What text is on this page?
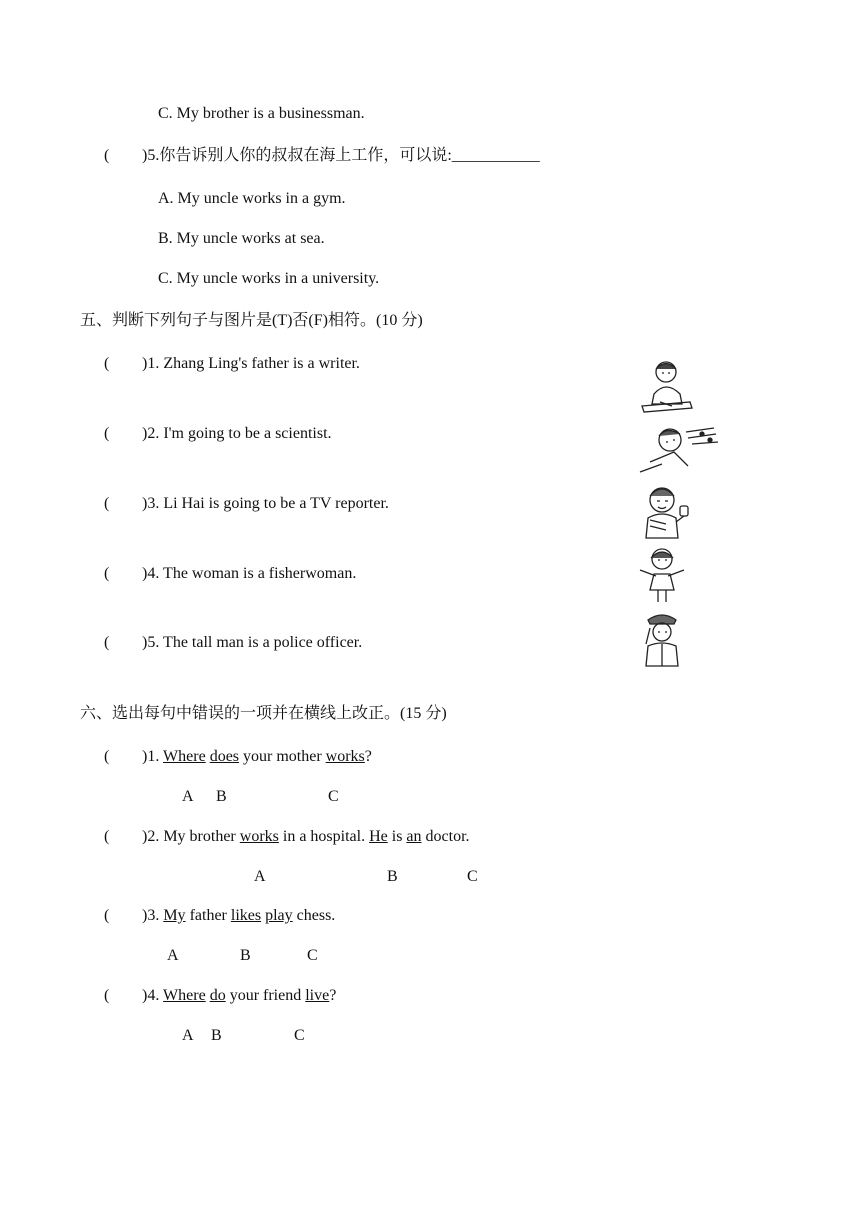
C. My brother is a businessman.
( )5.你告诉别人你的叔叔在海上工作，可以说:___________
A. My uncle works in a gym.
B. My uncle works at sea.
C. My uncle works in a university.
五、判断下列句子与图片是(T)否(F)相符。(10 分)
( )1. Zhang Ling's father is a writer.
( )2. I'm going to be a scientist.
( )3. Li Hai is going to be a TV reporter.
( )4. The woman is a fisherwoman.
( )5. The tall man is a police officer.
六、选出每句中错误的一项并在横线上改正。(15 分)
( )1. Where does your mother works?
A B	C
( )2. My brother works in a hospital. He is an doctor.
A	B	C
( )3. My father likes play chess.
A	B	C
( )4. Where do your friend live?
A B	C
